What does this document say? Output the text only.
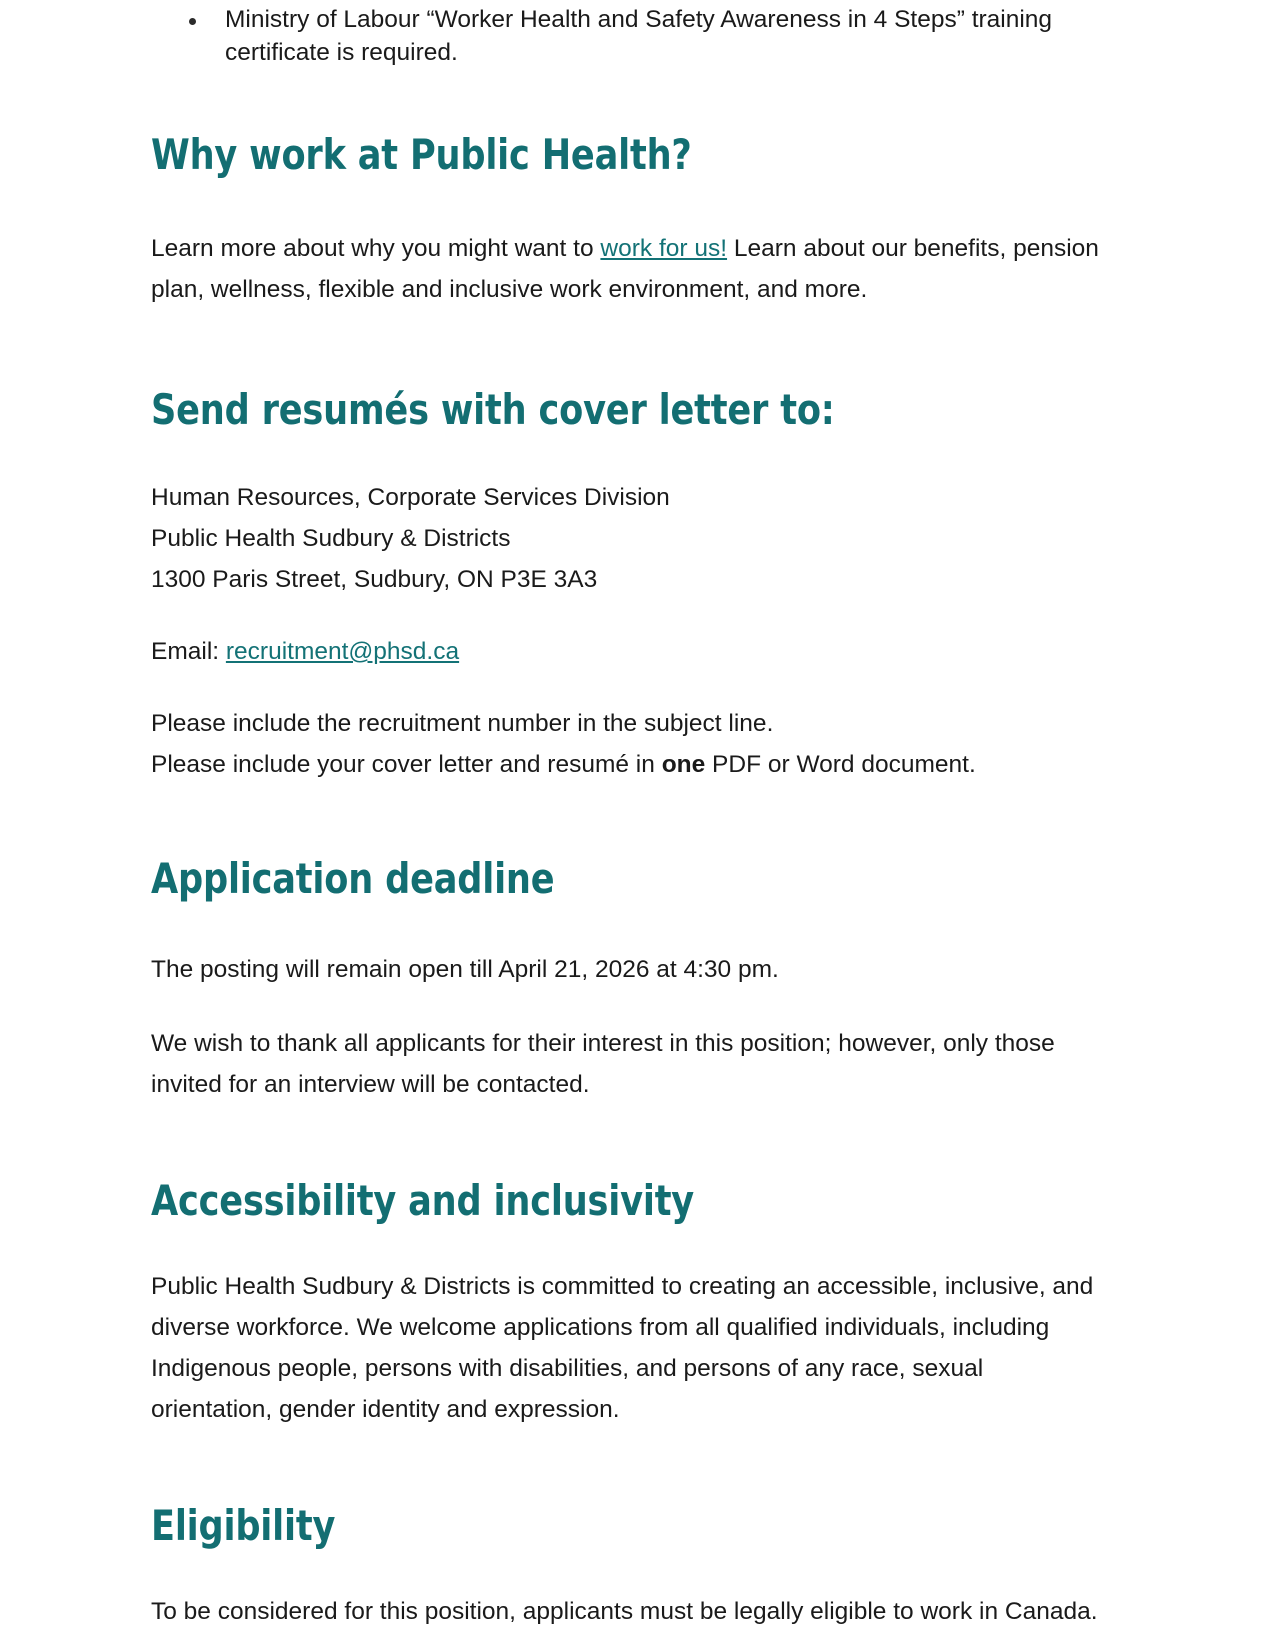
Ministry of Labour “Worker Health and Safety Awareness in 4 Steps” training certificate is required.
Why work at Public Health?

Learn more about why you might want to work for us! Learn about our benefits, pension plan, wellness, flexible and inclusive work environment, and more.

Send resumés with cover letter to:
Human Resources, Corporate Services Division
Public Health Sudbury & Districts
1300 Paris Street, Sudbury, ON P3E 3A3

Email: recruitment@phsd.ca

Please include the recruitment number in the subject line.

Please include your cover letter and resumé in one PDF or Word document.

Application deadline

The posting will remain open till April 21, 2026 at 4:30 pm.

We wish to thank all applicants for their interest in this position; however, only those invited for an interview will be contacted.

Accessibility and inclusivity

Public Health Sudbury & Districts is committed to creating an accessible, inclusive, and diverse workforce. We welcome applications from all qualified individuals, including Indigenous people, persons with disabilities, and persons of any race, sexual orientation, gender identity and expression.

Eligibility

To be considered for this position, applicants must be legally eligible to work in Canada.
